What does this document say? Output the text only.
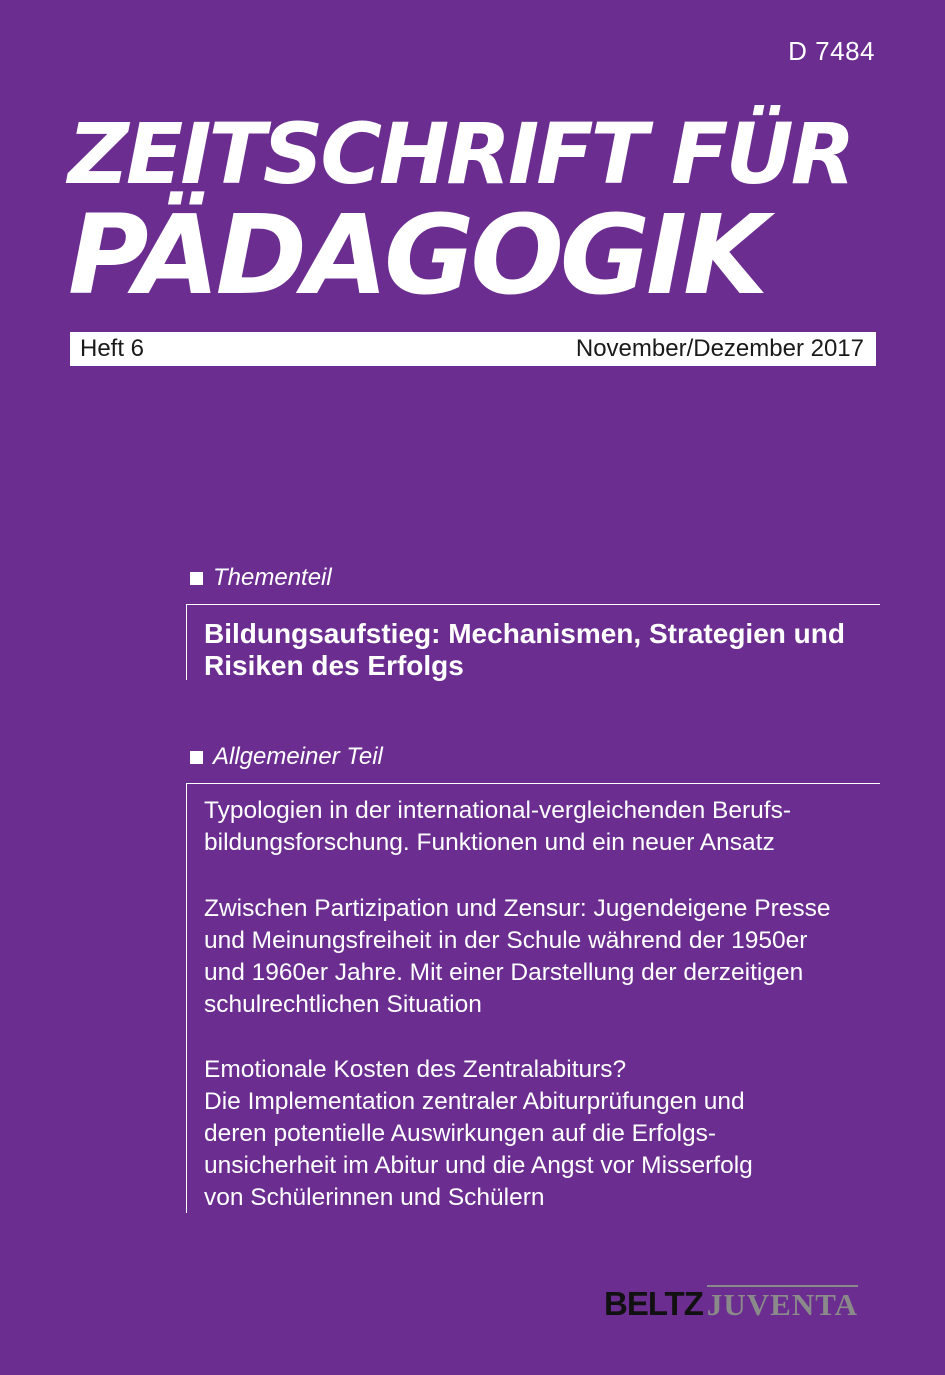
D 7484
ZEITSCHRIFT FÜR
PÄDAGOGIK
Heft 6	November/Dezember 2017
Thementeil
Bildungsaufstieg: Mechanismen, Strategien und Risiken des Erfolgs
Allgemeiner Teil
Typologien in der international-vergleichenden Berufs-
bildungsforschung. Funktionen und ein neuer Ansatz
Zwischen Partizipation und Zensur: Jugendeigene Presse
und Meinungsfreiheit in der Schule während der 1950er
und 1960er Jahre. Mit einer Darstellung der derzeitigen
schulrechtlichen Situation
Emotionale Kosten des Zentralabiturs?
Die Implementation zentraler Abiturprüfungen und
deren potentielle Auswirkungen auf die Erfolgs-
unsicherheit im Abitur und die Angst vor Misserfolg
von Schülerinnen und Schülern
BELTZ JUVENTA
